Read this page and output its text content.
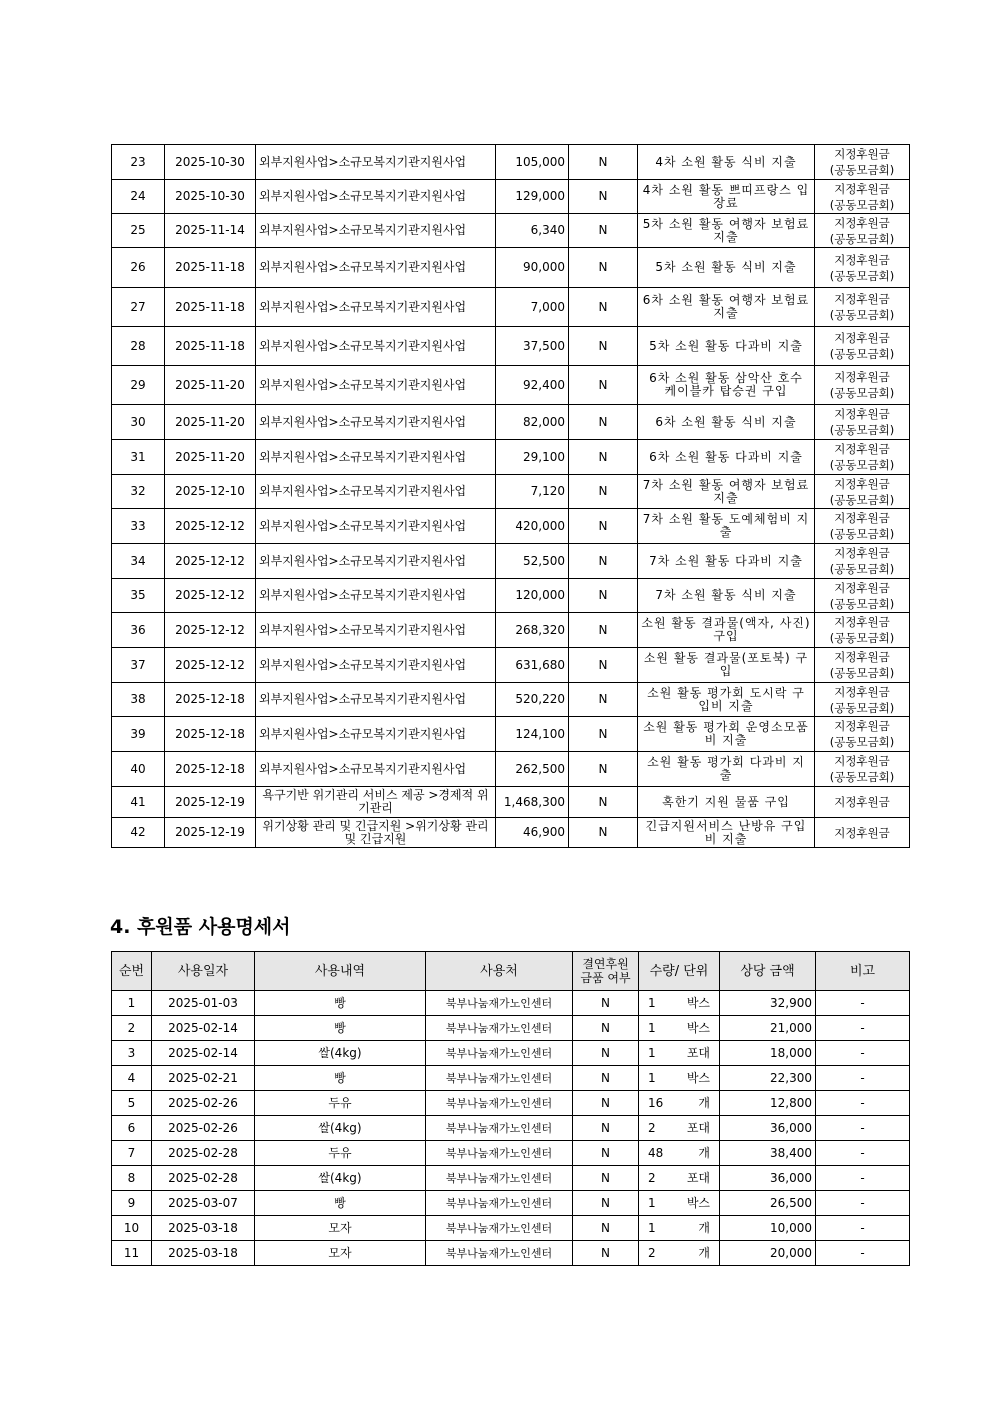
23	2025-10-30	외부지원사업>소규모복지기관지원사업	105,000	N	4차 소원 활동 식비 지출	지정후원금
(공동모금회)

24	2025-10-30	외부지원사업>소규모복지기관지원사업	129,000	N	4차 소원 활동 쁘띠프랑스 입장료	지정후원금
(공동모금회)

25	2025-11-14	외부지원사업>소규모복지기관지원사업	6,340	N	5차 소원 활동 여행자 보험료 지출	지정후원금
(공동모금회)

26	2025-11-18	외부지원사업>소규모복지기관지원사업	90,000	N	5차 소원 활동 식비 지출	지정후원금
(공동모금회)

27	2025-11-18	외부지원사업>소규모복지기관지원사업	7,000	N	6차 소원 활동 여행자 보험료 지출	지정후원금
(공동모금회)

28	2025-11-18	외부지원사업>소규모복지기관지원사업	37,500	N	5차 소원 활동 다과비 지출	지정후원금
(공동모금회)

29	2025-11-20	외부지원사업>소규모복지기관지원사업	92,400	N	6차 소원 활동 삼악산 호수 케이블카 탑승권 구입	지정후원금
(공동모금회)

30	2025-11-20	외부지원사업>소규모복지기관지원사업	82,000	N	6차 소원 활동 식비 지출	지정후원금
(공동모금회)

31	2025-11-20	외부지원사업>소규모복지기관지원사업	29,100	N	6차 소원 활동 다과비 지출	지정후원금
(공동모금회)

32	2025-12-10	외부지원사업>소규모복지기관지원사업	7,120	N	7차 소원 활동 여행자 보험료 지출	지정후원금
(공동모금회)

33	2025-12-12	외부지원사업>소규모복지기관지원사업	420,000	N	7차 소원 활동 도예체험비 지출	지정후원금
(공동모금회)

34	2025-12-12	외부지원사업>소규모복지기관지원사업	52,500	N	7차 소원 활동 다과비 지출	지정후원금
(공동모금회)

35	2025-12-12	외부지원사업>소규모복지기관지원사업	120,000	N	7차 소원 활동 식비 지출	지정후원금
(공동모금회)

36	2025-12-12	외부지원사업>소규모복지기관지원사업	268,320	N	소원 활동 결과물(액자, 사진) 구입	지정후원금
(공동모금회)

37	2025-12-12	외부지원사업>소규모복지기관지원사업	631,680	N	소원 활동 결과물(포토북) 구입	지정후원금
(공동모금회)

38	2025-12-18	외부지원사업>소규모복지기관지원사업	520,220	N	소원 활동 평가회 도시락 구입비 지출	지정후원금
(공동모금회)

39	2025-12-18	외부지원사업>소규모복지기관지원사업	124,100	N	소원 활동 평가회 운영소모품비 지출	지정후원금
(공동모금회)

40	2025-12-18	외부지원사업>소규모복지기관지원사업	262,500	N	소원 활동 평가회 다과비 지출	지정후원금
(공동모금회)

41	2025-12-19	욕구기반 위기관리 서비스 제공 >경제적 위기관리	1,468,300	N	혹한기 지원 물품 구입	지정후원금

42	2025-12-19	위기상황 관리 및 긴급지원 >위기상황 관리 및 긴급지원	46,900	N	긴급지원서비스 난방유 구입비 지출	지정후원금
4. 후원품 사용명세서
순번	사용일자	사용내역	사용처	결연후원 금품 여부	수량/ 단위	상당 금액	비고
1	2025-01-03	빵	북부나눔재가노인센터	N	1 박스	32,900	-
2	2025-02-14	빵	북부나눔재가노인센터	N	1 박스	21,000	-
3	2025-02-14	쌀(4kg)	북부나눔재가노인센터	N	1 포대	18,000	-
4	2025-02-21	빵	북부나눔재가노인센터	N	1 박스	22,300	-
5	2025-02-26	두유	북부나눔재가노인센터	N	16 개	12,800	-
6	2025-02-26	쌀(4kg)	북부나눔재가노인센터	N	2 포대	36,000	-
7	2025-02-28	두유	북부나눔재가노인센터	N	48 개	38,400	-
8	2025-02-28	쌀(4kg)	북부나눔재가노인센터	N	2 포대	36,000	-
9	2025-03-07	빵	북부나눔재가노인센터	N	1 박스	26,500	-
10	2025-03-18	모자	북부나눔재가노인센터	N	1 개	10,000	-
11	2025-03-18	모자	북부나눔재가노인센터	N	2 개	20,000	-
